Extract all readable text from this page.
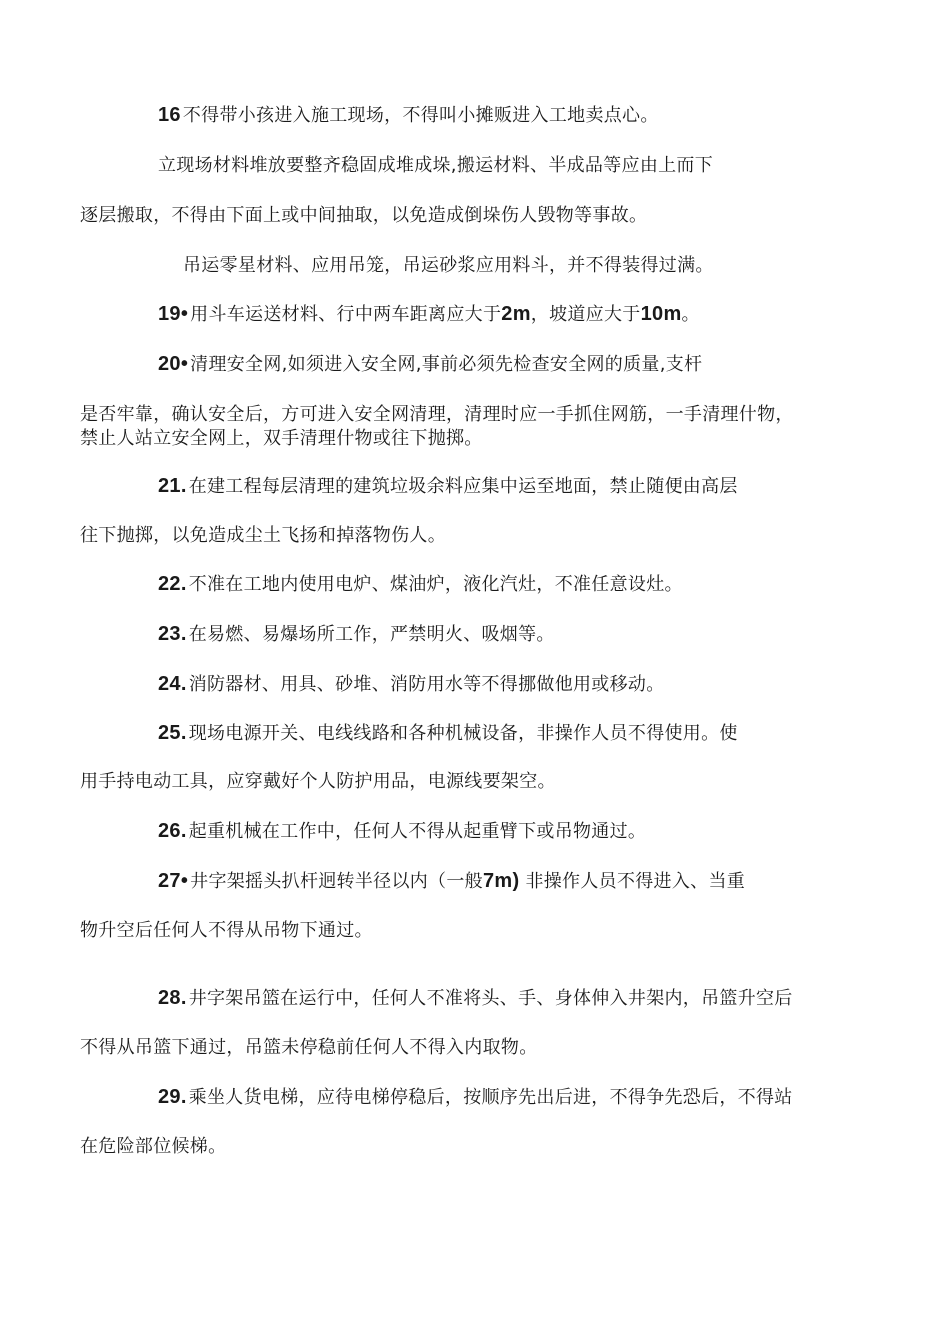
16 不得带小孩进入施工现场，不得叫小摊贩进入工地卖点心。
立现场材料堆放要整齐稳固成堆成垛,搬运材料、半成品等应由上而下
逐层搬取，不得由下面上或中间抽取，以免造成倒垛伤人毁物等事故。
吊运零星材料、应用吊笼，吊运砂浆应用料斗，并不得装得过满。
19• 用斗车运送材料、行中两车距离应大于2m，坡道应大于10m。
20• 清理安全网,如须进入安全网,事前必须先检查安全网的质量,支杆
是否牢靠，确认安全后，方可进入安全网清理，清理时应一手抓住网筋，一手清理什物，
禁止人站立安全网上，双手清理什物或往下抛掷。
21. 在建工程每层清理的建筑垃圾余料应集中运至地面，禁止随便由高层
往下抛掷，以免造成尘土飞扬和掉落物伤人。
22. 不准在工地内使用电炉、煤油炉，液化汽灶，不准任意设灶。
23. 在易燃、易爆场所工作，严禁明火、吸烟等。
24. 消防器材、用具、砂堆、消防用水等不得挪做他用或移动。
25. 现场电源开关、电线线路和各种机械设备，非操作人员不得使用。使
用手持电动工具，应穿戴好个人防护用品，电源线要架空。
26. 起重机械在工作中，任何人不得从起重臂下或吊物通过。
27• 井字架摇头扒杆迥转半径以内（一般7m) 非操作人员不得进入、当重
物升空后任何人不得从吊物下通过。
28. 井字架吊篮在运行中，任何人不准将头、手、身体伸入井架内，吊篮升空后
不得从吊篮下通过，吊篮未停稳前任何人不得入内取物。
29. 乘坐人货电梯，应待电梯停稳后，按顺序先出后进，不得争先恐后，不得站
在危险部位候梯。
